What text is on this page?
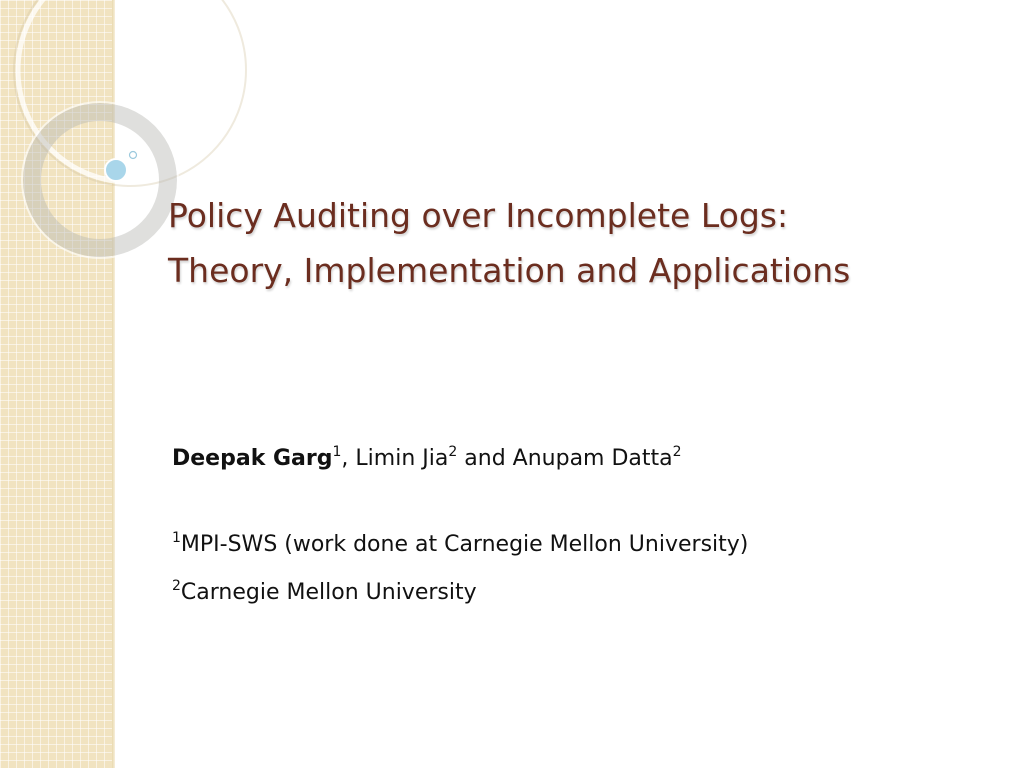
Policy Auditing over Incomplete Logs:
Theory, Implementation and Applications
Deepak Garg$^1$, Limin Jia$^2$ and Anupam Datta$^2$
$^1$MPI-SWS (work done at Carnegie Mellon University)
$^2$Carnegie Mellon University
